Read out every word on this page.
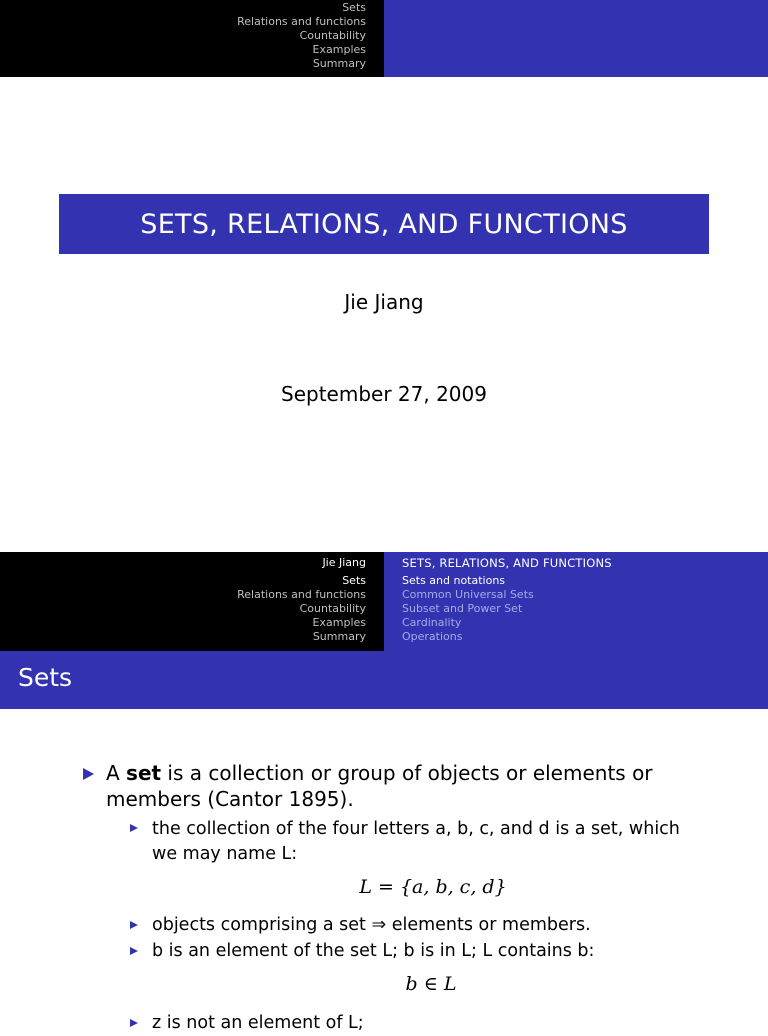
Sets
Relations and functions
Countability
Examples
Summary
SETS, RELATIONS, AND FUNCTIONS
Jie Jiang
September 27, 2009
Jie Jiang
Sets
Relations and functions
Countability
Examples
Summary
SETS, RELATIONS, AND FUNCTIONS
Sets and notations
Common Universal Sets
Subset and Power Set
Cardinality
Operations
Sets
A set is a collection or group of objects or elements or
members (Cantor 1895).
the collection of the four letters a, b, c, and d is a set, which
we may name L:
L = {a, b, c, d}
objects comprising a set ⇒ elements or members.
b is an element of the set L; b is in L; L contains b:
b ∈ L
z is not an element of L;
